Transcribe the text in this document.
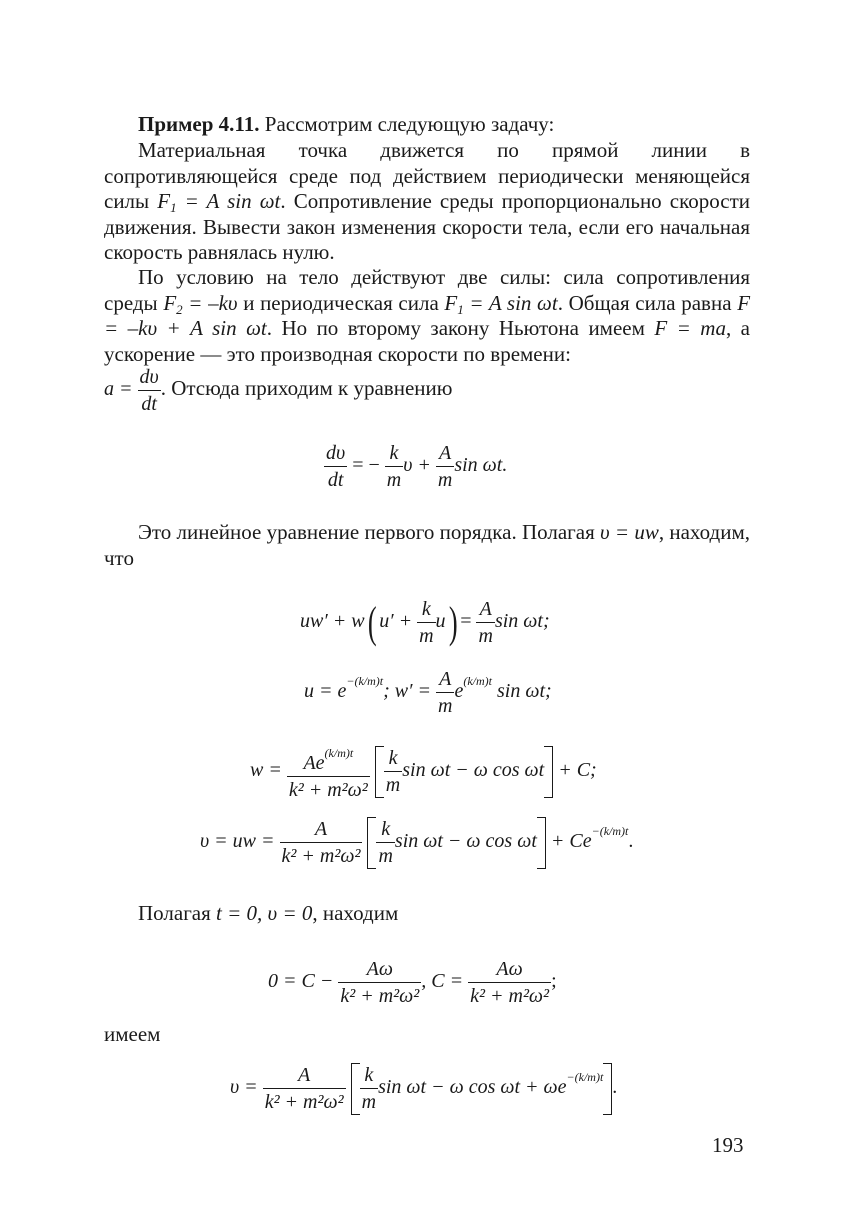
Пример 4.11. Рассмотрим следующую задачу:

Материальная точка движется по прямой линии в сопротивляющейся среде под действием периодически меняющейся силы $F_1 = A$ sin ωt. Сопротивление среды пропорционально скорости движения. Вывести закон изменения скорости тела, если его начальная скорость равнялась нулю.

По условию на тело действуют две силы: сила сопротивления среды $F_2 = -k\upsilon$ и периодическая сила $F_1 = A$ sin ωt. Общая сила равна F = –kυ + A sin ωt. Но по второму закону Ньютона имеем F = ma, а ускорение — это производная скорости по времени:

$a = \frac{d\upsilon}{dt}$ . Отсюда приходим к уравнению
$\frac{d\upsilon}{dt}$ = − $\frac{k}{m}$ $\upsilon + \frac{A}{m}$ sin ωt.

Это линейное уравнение первого порядка. Полагая υ = uw, находим, что

uw′ + w( $u' + \frac{k}{m} u) = \frac{A}{m}$ sin ωt;
$u = e^{-(k/m)t}$; $w' = \frac{A}{m} e^{(k/m)t}$ sin ωt;
$w = \frac{Ae^{(k/m)t}}{\text{k² + m²ω²}}$
$\frac{k}{m}$ sin ωt − ω cos ωt + C;
υ = uw = $\frac{A}{\text{k² + m²ω²}}$
$\frac{k}{m}$ sin ωt − ω $\cos \omega t + Ce^{-(k/m)t}$.

Полагая t = 0, υ = 0, находим

$0 = C - \frac{A\omega}{\text{k² + m²ω²}}$ , $C = \frac{A\omega}{\text{k² + m²ω²}}$ ;

имеем

$\upsilon = \frac{A}{\text{k² + m²ω²}}$
$\frac{k}{m}$ sin ωt − ω $\cos \omega t + \omega e^{-(k/m)t}$ .
193
